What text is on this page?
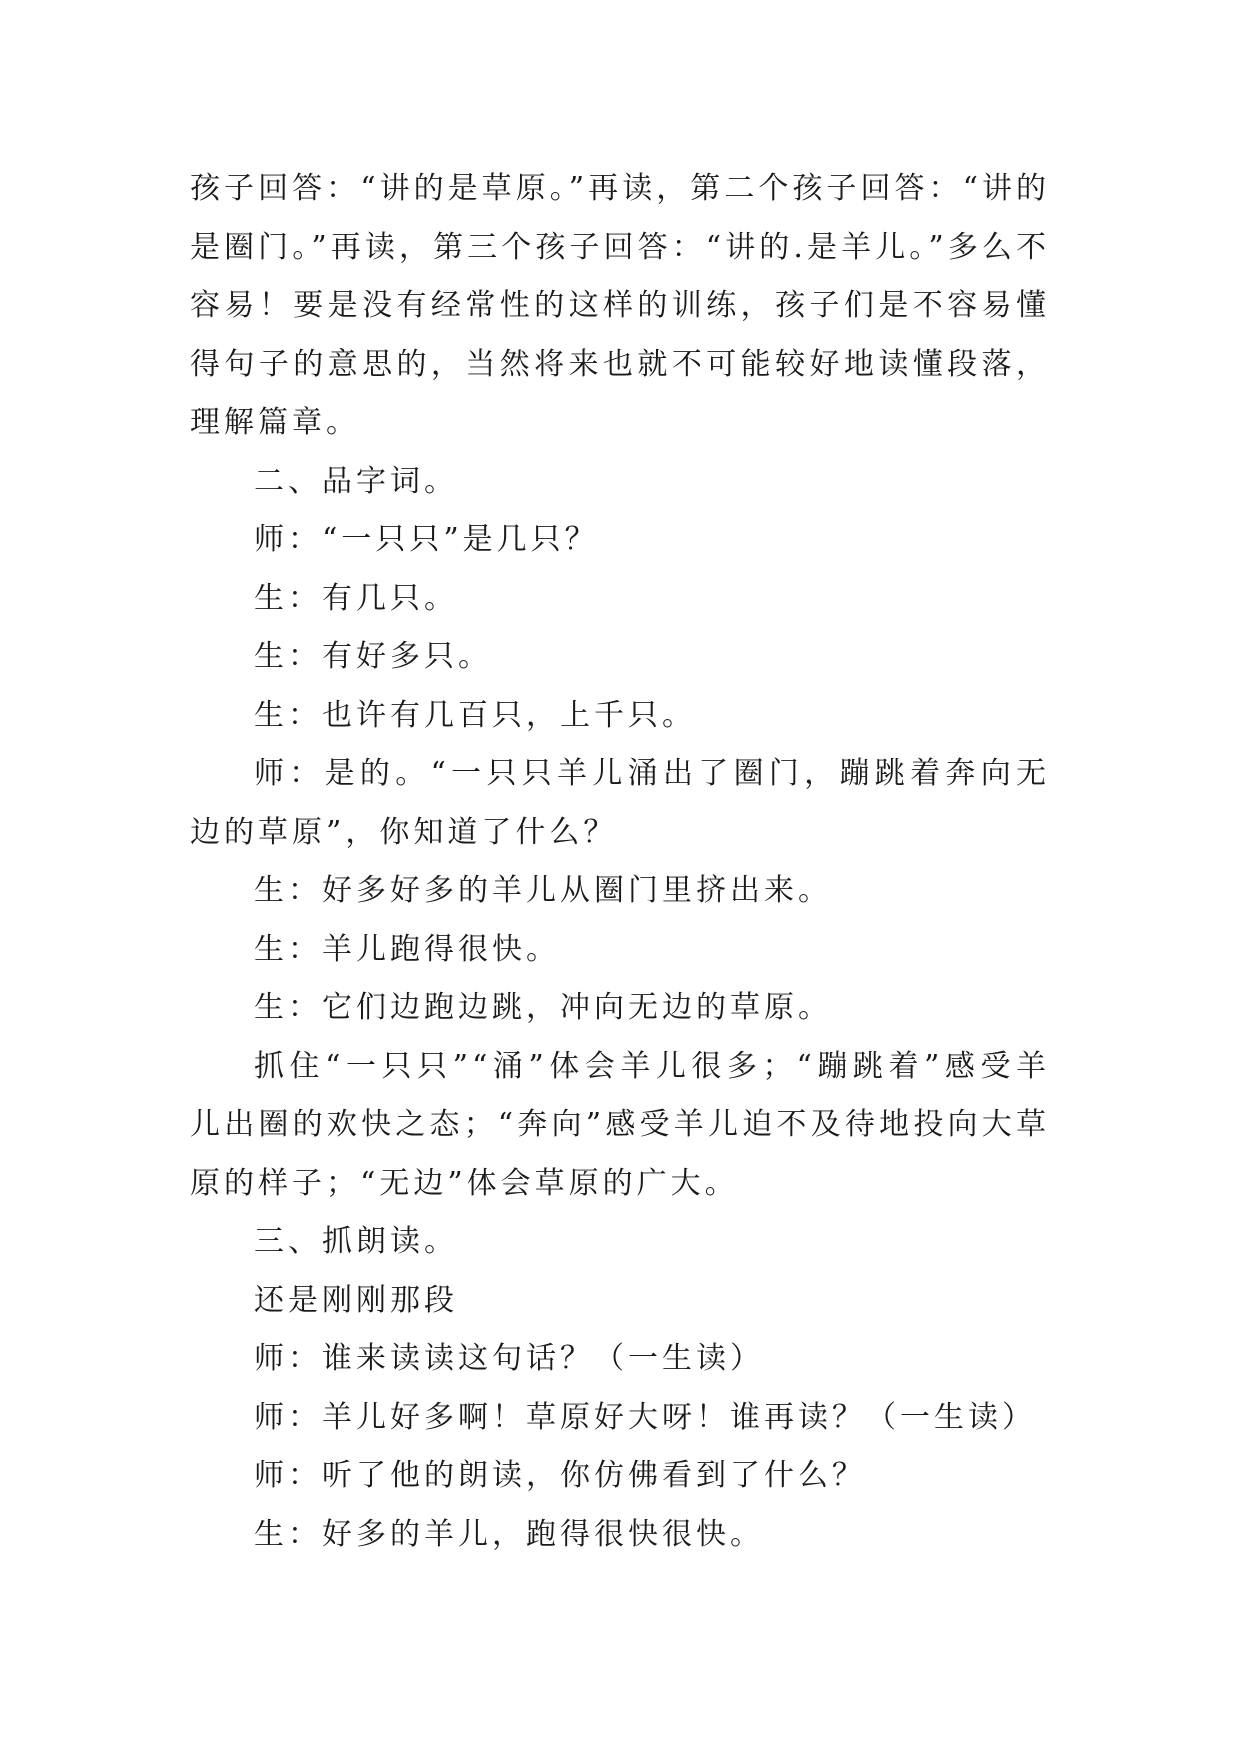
孩子回答：“讲的是草原。”再读，第二个孩子回答：“讲的是圈门。”再读，第三个孩子回答：“讲的.是羊儿。”多么不容易！要是没有经常性的这样的训练，孩子们是不容易懂得句子的意思的，当然将来也就不可能较好地读懂段落，理解篇章。

二、品字词。

师：“一只只”是几只？

生：有几只。

生：有好多只。

生：也许有几百只，上千只。

师：是的。“一只只羊儿涌出了圈门，蹦跳着奔向无边的草原”，你知道了什么？

生：好多好多的羊儿从圈门里挤出来。

生：羊儿跑得很快。

生：它们边跑边跳，冲向无边的草原。

抓住“一只只”“涌”体会羊儿很多；“蹦跳着”感受羊儿出圈的欢快之态；“奔向”感受羊儿迫不及待地投向大草原的样子；“无边”体会草原的广大。

三、抓朗读。

还是刚刚那段

师：谁来读读这句话？（一生读）

师：羊儿好多啊！草原好大呀！谁再读？（一生读）

师：听了他的朗读，你仿佛看到了什么？

生：好多的羊儿，跑得很快很快。
